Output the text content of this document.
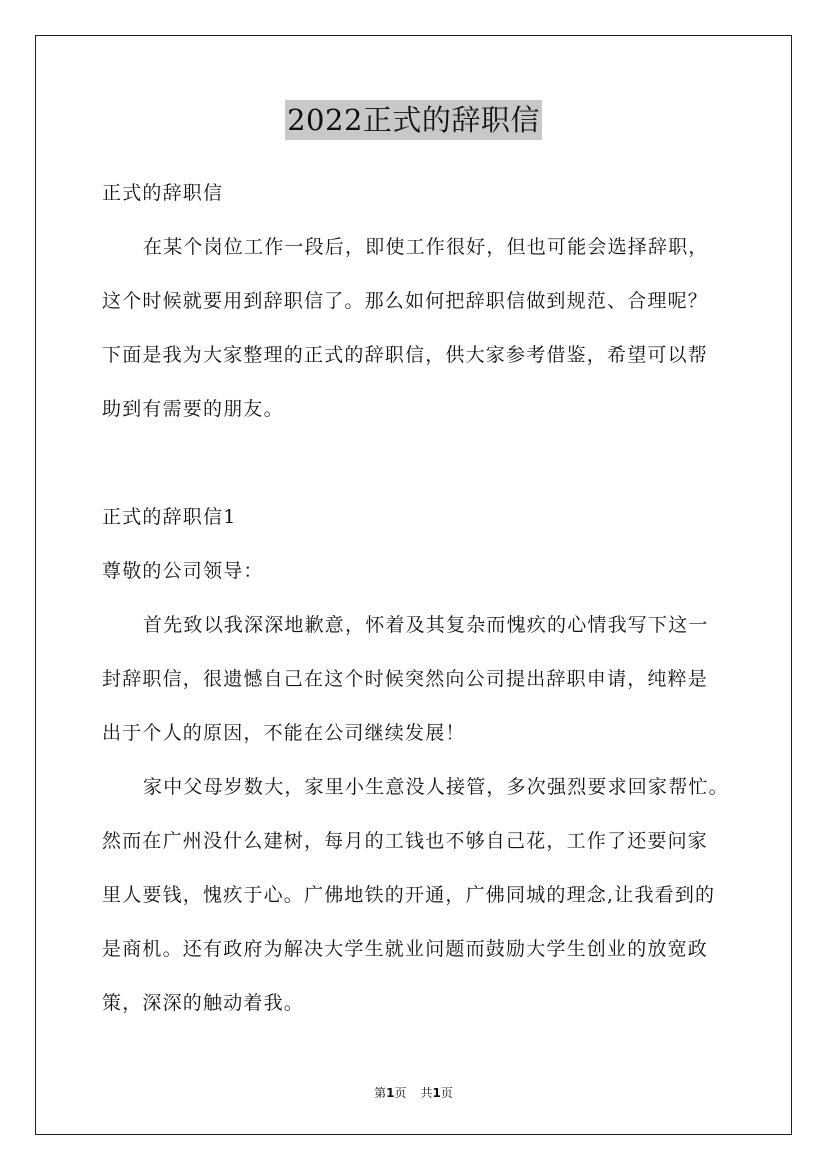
2022正式的辞职信
正式的辞职信
在某个岗位工作一段后，即使工作很好，但也可能会选择辞职，
这个时候就要用到辞职信了。那么如何把辞职信做到规范、合理呢？
下面是我为大家整理的正式的辞职信，供大家参考借鉴，希望可以帮
助到有需要的朋友。
正式的辞职信1
尊敬的公司领导：
首先致以我深深地歉意，怀着及其复杂而愧疚的心情我写下这一
封辞职信，很遗憾自己在这个时候突然向公司提出辞职申请，纯粹是
出于个人的原因，不能在公司继续发展！
家中父母岁数大，家里小生意没人接管，多次强烈要求回家帮忙。
然而在广州没什么建树，每月的工钱也不够自己花，工作了还要问家
里人要钱，愧疚于心。广佛地铁的开通，广佛同城的理念,让我看到的
是商机。还有政府为解决大学生就业问题而鼓励大学生创业的放宽政
策，深深的触动着我。
第1页 共1页
